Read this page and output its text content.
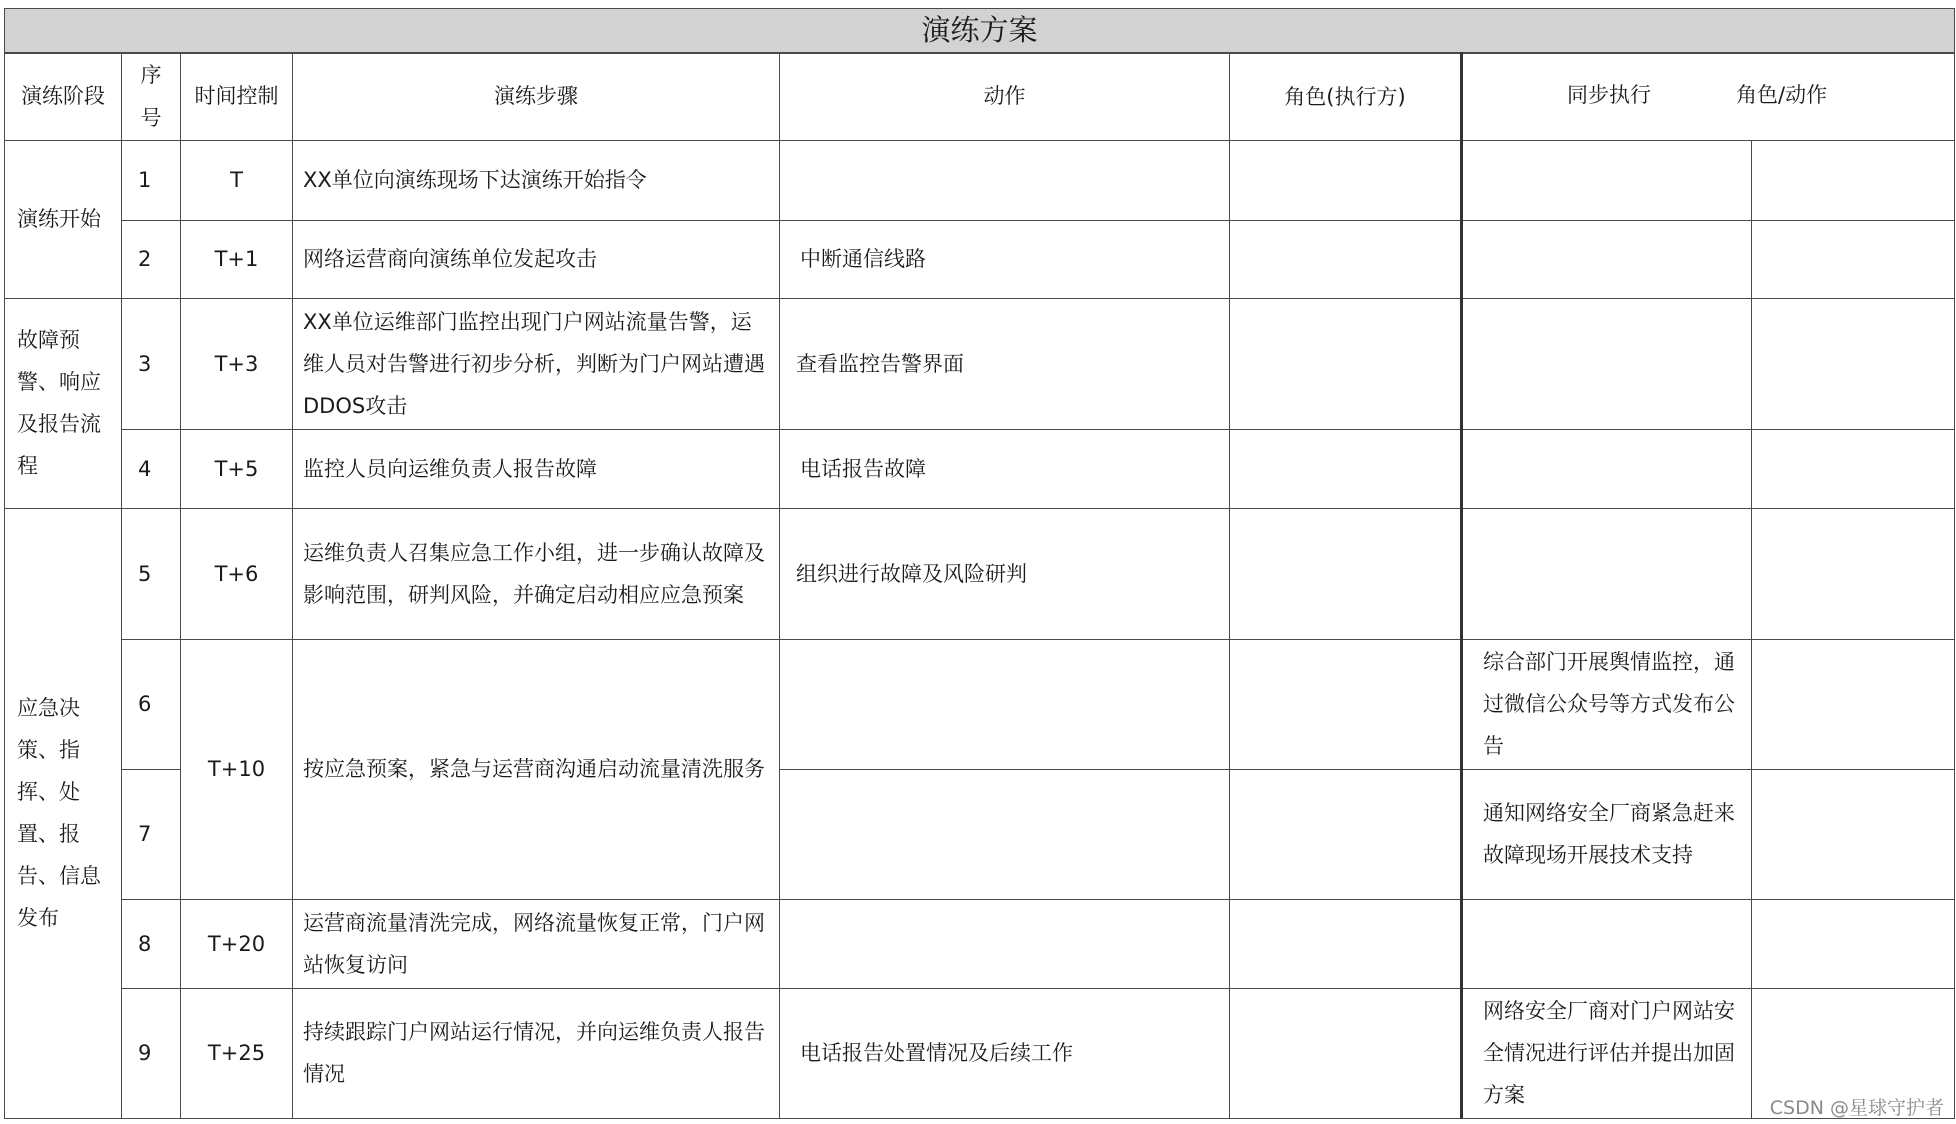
演练方案							
演练阶段	序号	时间控制	演练步骤	动作	角色(执行方)	同步执行 角色/动作	

演练开始	1	T	XX单位向演练现场下达演练开始指令				
	2	T+1	网络运营商向演练单位发起攻击	中断通信线路			
故障预警、响应及报告流程	3	T+3	XX单位运维部门监控出现门户网站流量告警，运维人员对告警进行初步分析，判断为门户网站遭遇 DDOS攻击	查看监控告警界面			
	4	T+5	监控人员向运维负责人报告故障	电话报告故障			
应急决策、指挥、处置、报告、信息发布	5	T+6	运维负责人召集应急工作小组，进一步确认故障及影响范围，研判风险，并确定启动相应应急预案	组织进行故障及风险研判			
	6	T+10	按应急预案，紧急与运营商沟通启动流量清洗服务			综合部门开展舆情监控，通过微信公众号等方式发布公告	
	7					通知网络安全厂商紧急赶来故障现场开展技术支持	
	8	T+20	运营商流量清洗完成，网络流量恢复正常，门户网站恢复访问				
	9	T+25	持续跟踪门户网站运行情况，并向运维负责人报告情况	电话报告处置情况及后续工作		网络安全厂商对门户网站安全情况进行评估并提出加固方案	
CSDN @星球守护者
